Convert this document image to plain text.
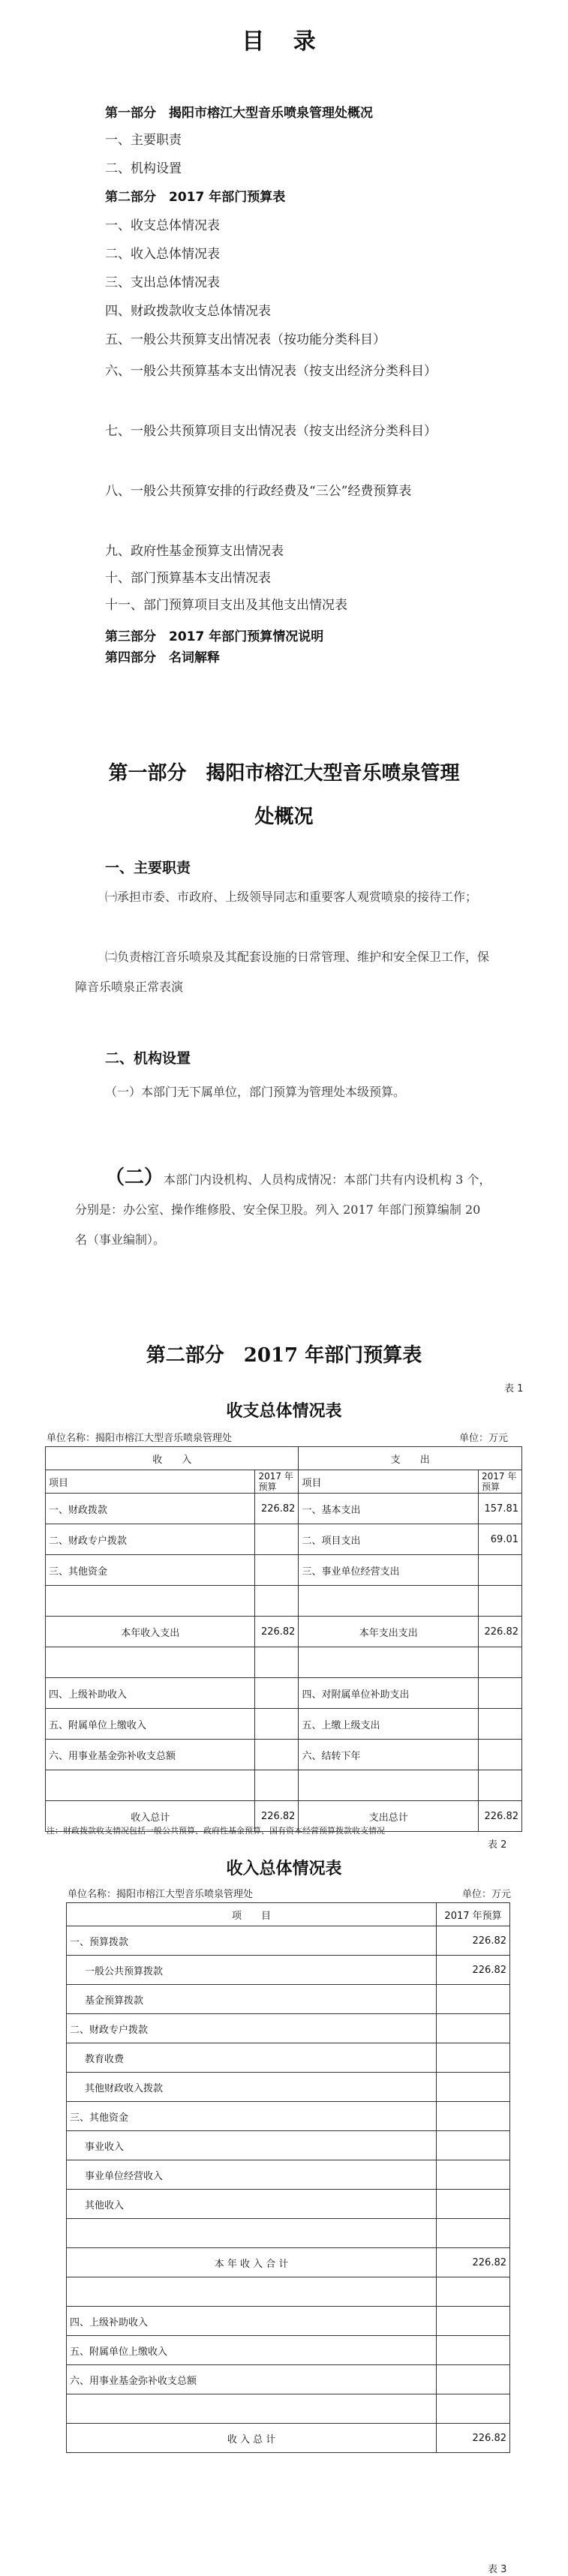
目 录
第一部分　揭阳市榕江大型音乐喷泉管理处概况
一、主要职责
二、机构设置
第二部分　2017 年部门预算表
一、收支总体情况表
二、收入总体情况表
三、支出总体情况表
四、财政拨款收支总体情况表
五、一般公共预算支出情况表（按功能分类科目）
六、一般公共预算基本支出情况表（按支出经济分类科目）
七、一般公共预算项目支出情况表（按支出经济分类科目）
八、一般公共预算安排的行政经费及“三公”经费预算表
九、政府性基金预算支出情况表
十、部门预算基本支出情况表
十一、部门预算项目支出及其他支出情况表
第三部分　2017 年部门预算情况说明
第四部分　名词解释
第一部分　揭阳市榕江大型音乐喷泉管理
处概况
一、主要职责
㈠承担市委、市政府、上级领导同志和重要客人观赏喷泉的接待工作；
㈡负责榕江音乐喷泉及其配套设施的日常管理、维护和安全保卫工作，保障音乐喷泉正常表演
二、机构设置
（一）本部门无下属单位，部门预算为管理处本级预算。
（二）本部门内设机构、人员构成情况：本部门共有内设机构 3 个，分别是：办公室、操作维修股、安全保卫股。列入 2017 年部门预算编制 20 名（事业编制）。
第二部分　2017 年部门预算表
表 1
收支总体情况表
单位名称：揭阳市榕江大型音乐喷泉管理处	单位：万元
收　　入		支　　出	
项目	2017 年预算	项目	2017 年预算
一、财政拨款	226.82	一、基本支出	157.81
二、财政专户拨款		二、项目支出	69.01
三、其他资金		三、事业单位经营支出	

本年收入支出	226.82	本年支出支出	226.82

四、上级补助收入		四、对附属单位补助支出	
五、附属单位上缴收入		五、上缴上级支出	
六、用事业基金弥补收支总额		六、结转下年	

收入总计	226.82	支出总计	226.82
注：财政拨款收支情况包括一般公共预算、政府性基金预算、国有资本经营预算拨款收支情况
表 2
收入总体情况表
单位名称：揭阳市榕江大型音乐喷泉管理处	单位：万元
项　　目	2017 年预算
一、预算拨款	226.82
一般公共预算拨款	226.82
基金预算拨款	
二、财政专户拨款	
教育收费	
其他财政收入拨款	
三、其他资金	
事业收入	
事业单位经营收入	
其他收入	

本 年 收 入 合 计	226.82

四、上级补助收入	
五、附属单位上缴收入	
六、用事业基金弥补收支总额	

收 入 总 计	226.82
表 3
